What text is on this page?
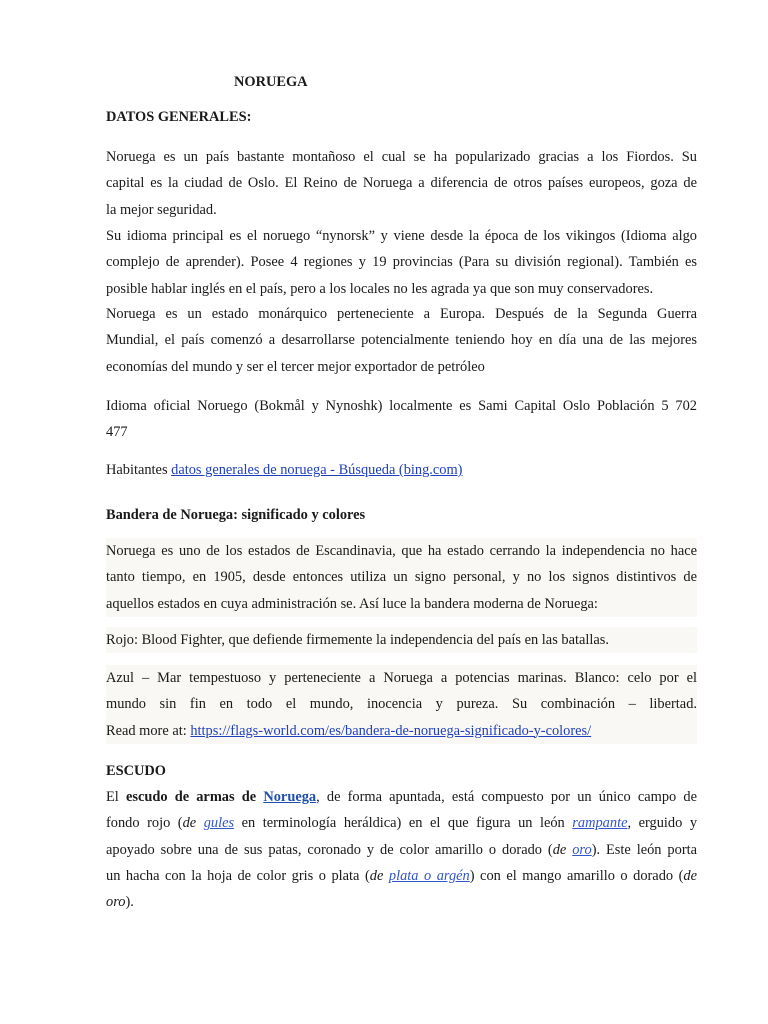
NORUEGA
DATOS GENERALES:

Noruega es un país bastante montañoso el cual se ha popularizado gracias a los Fiordos. Su
capital es la ciudad de Oslo. El Reino de Noruega a diferencia de otros países europeos, goza de
la mejor seguridad.

Su idioma principal es el noruego “nynorsk” y viene desde la época de los vikingos (Idioma algo
complejo de aprender). Posee 4 regiones y 19 provincias (Para su división regional). También es
posible hablar inglés en el país, pero a los locales no les agrada ya que son muy conservadores.

Noruega es un estado monárquico perteneciente a Europa. Después de la Segunda Guerra
Mundial, el país comenzó a desarrollarse potencialmente teniendo hoy en día una de las mejores
economías del mundo y ser el tercer mejor exportador de petróleo

Idioma oficial Noruego (Bokmål y Nynoshk) localmente es Sami Capital Oslo Población 5 702
477

Habitantes datos generales de noruega - Búsqueda (bing.com)

Bandera de Noruega: significado y colores

Noruega es uno de los estados de Escandinavia, que ha estado cerrando la independencia no hace
tanto tiempo, en 1905, desde entonces utiliza un signo personal, y no los signos distintivos de
aquellos estados en cuya administración se. Así luce la bandera moderna de Noruega:

Rojo: Blood Fighter, que defiende firmemente la independencia del país en las batallas.

Azul – Mar tempestuoso y perteneciente a Noruega a potencias marinas. Blanco: celo por el
mundo sin fin en todo el mundo, inocencia y pureza. Su combinación – libertad.
Read more at: https://flags-world.com/es/bandera-de-noruega-significado-y-colores/

ESCUDO

El escudo de armas de Noruega, de forma apuntada, está compuesto por un único campo de
fondo rojo (de gules en terminología heráldica) en el que figura un león rampante, erguido y
apoyado sobre una de sus patas, coronado y de color amarillo o dorado (de oro). Este león porta
un hacha con la hoja de color gris o plata (de plata o argén) con el mango amarillo o dorado (de
oro).
